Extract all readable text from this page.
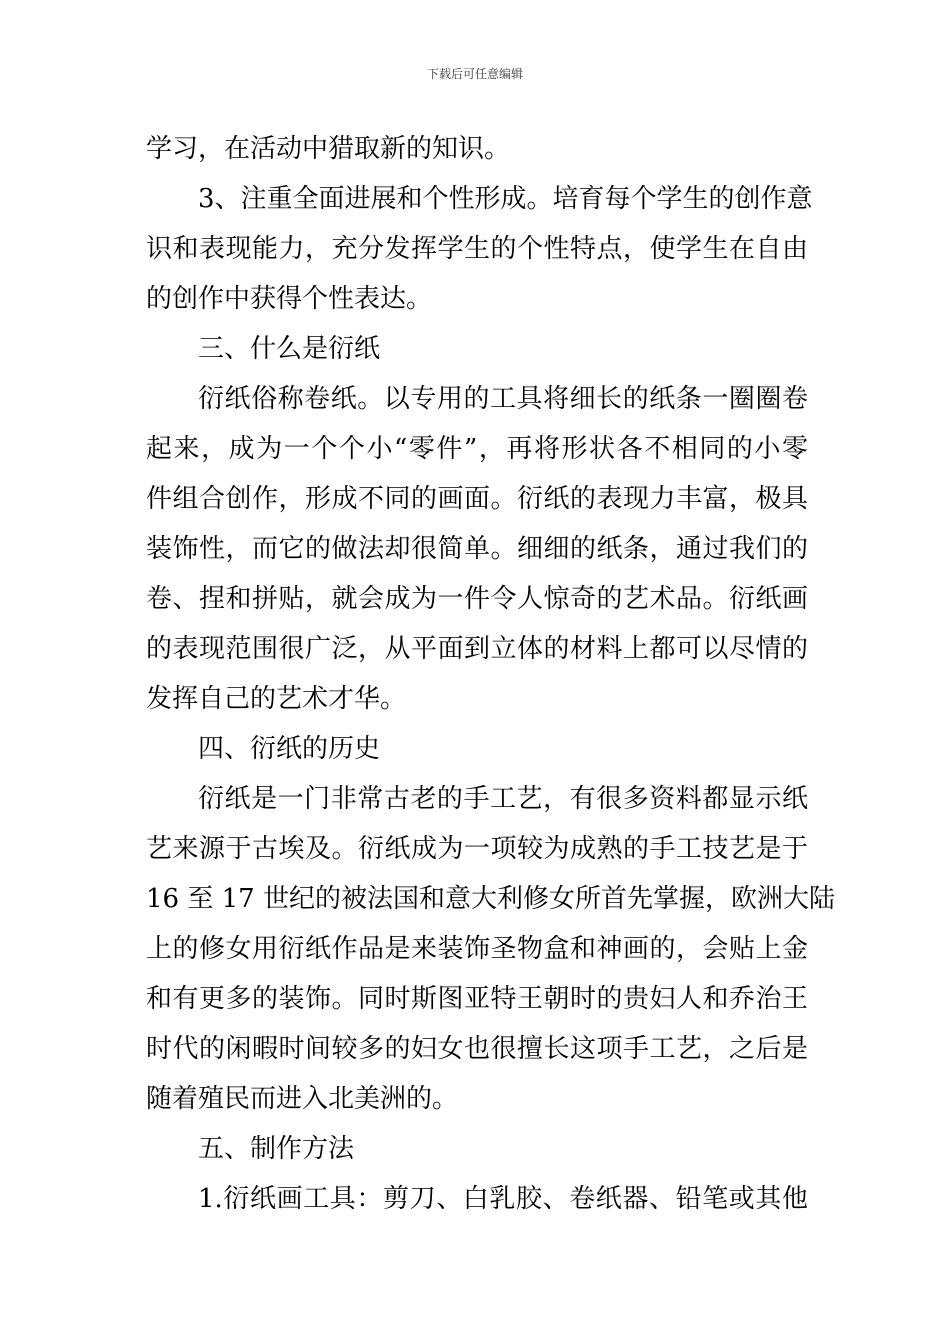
下载后可任意编辑
学习，在活动中猎取新的知识。
3、注重全面进展和个性形成。培育每个学生的创作意
识和表现能力，充分发挥学生的个性特点，使学生在自由
的创作中获得个性表达。
三、什么是衍纸
衍纸俗称卷纸。以专用的工具将细长的纸条一圈圈卷
起来，成为一个个小“零件”，再将形状各不相同的小零
件组合创作，形成不同的画面。衍纸的表现力丰富，极具
装饰性，而它的做法却很简单。细细的纸条，通过我们的
卷、捏和拼贴，就会成为一件令人惊奇的艺术品。衍纸画
的表现范围很广泛，从平面到立体的材料上都可以尽情的
发挥自己的艺术才华。
四、衍纸的历史
衍纸是一门非常古老的手工艺，有很多资料都显示纸
艺来源于古埃及。衍纸成为一项较为成熟的手工技艺是于
16 至 17 世纪的被法国和意大利修女所首先掌握，欧洲大陆
上的修女用衍纸作品是来装饰圣物盒和神画的，会贴上金
和有更多的装饰。同时斯图亚特王朝时的贵妇人和乔治王
时代的闲暇时间较多的妇女也很擅长这项手工艺，之后是
随着殖民而进入北美洲的。
五、制作方法
1.衍纸画工具：剪刀、白乳胶、卷纸器、铅笔或其他
